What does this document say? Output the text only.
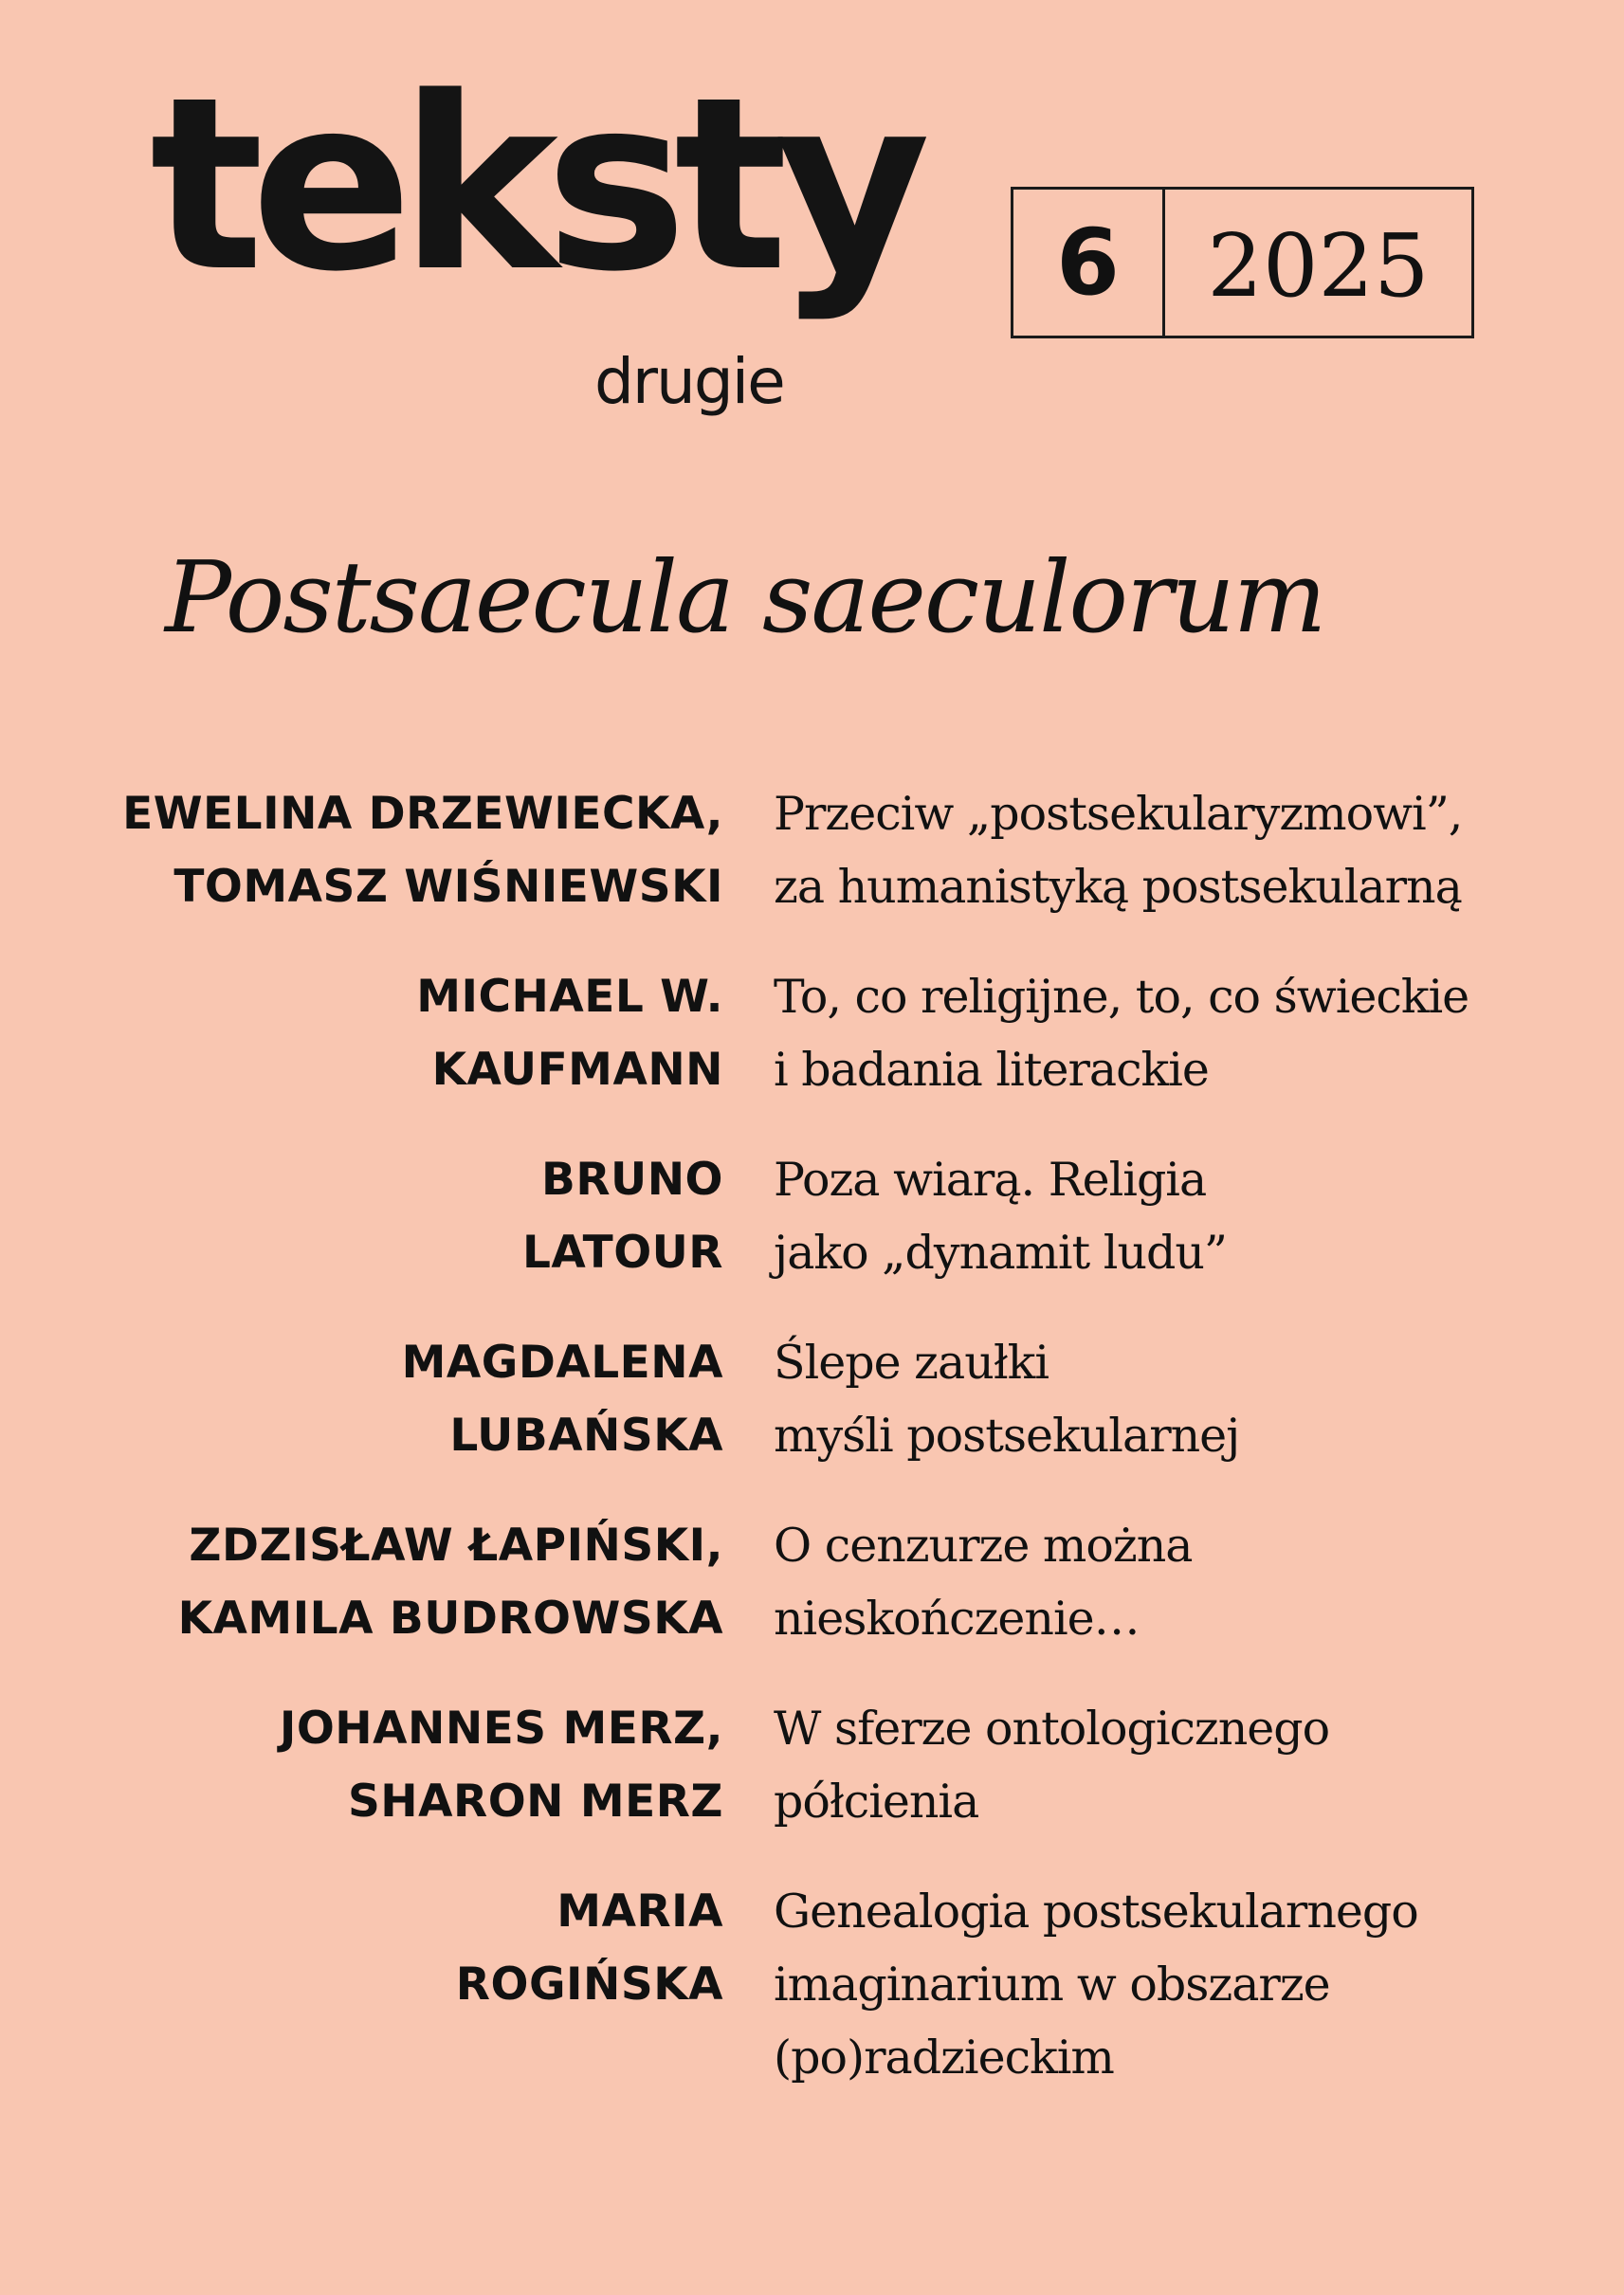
teksty
drugie
6	2025
Postsaecula saeculorum
EWELINA DRZEWIECKA,
TOMASZ WIŚNIEWSKI
Przeciw „postsekularyzmowi”,
za humanistyką postsekularną
MICHAEL W.
KAUFMANN
To, co religijne, to, co świeckie
i badania literackie
BRUNO
LATOUR
Poza wiarą. Religia
jako „dynamit ludu”
MAGDALENA
LUBAŃSKA
Ślepe zaułki
myśli postsekularnej
ZDZISŁAW ŁAPIŃSKI,
KAMILA BUDROWSKA
O cenzurze można
nieskończenie…
JOHANNES MERZ,
SHARON MERZ
W sferze ontologicznego
półcienia
MARIA
ROGIŃSKA
Genealogia postsekularnego
imaginarium w obszarze
(po)radzieckim
